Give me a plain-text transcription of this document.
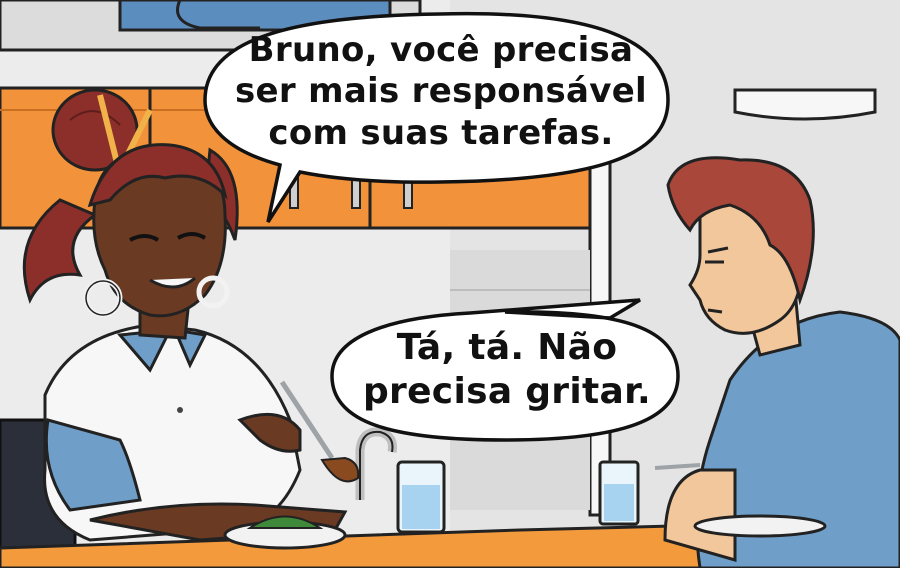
Bruno, você precisa
ser mais responsável
com suas tarefas.
Tá, tá. Não
precisa gritar.
